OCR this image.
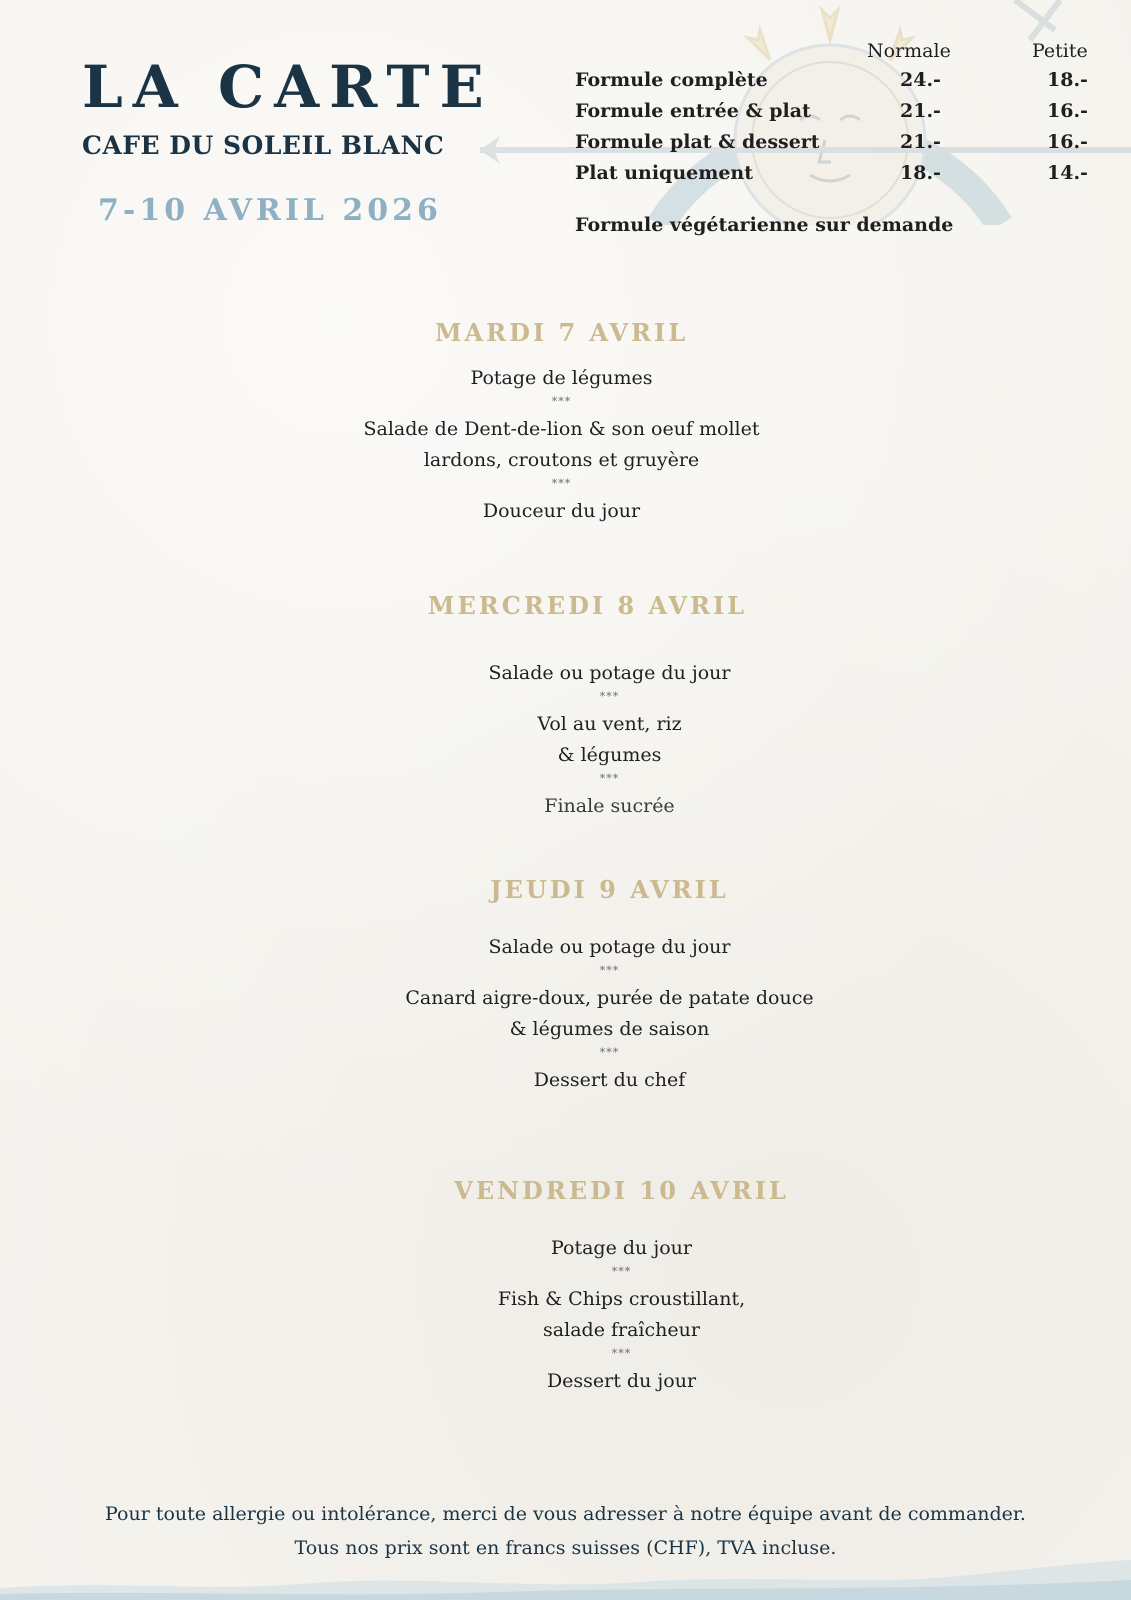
LA CARTE
CAFE DU SOLEIL BLANC
7-10 AVRIL 2026
Normale	Petite
Formule complète	24.-	18.-
Formule entrée & plat	21.-	16.-
Formule plat & dessert	21.-	16.-
Plat uniquement	18.-	14.-
Formule végétarienne sur demande
MARDI 7 AVRIL

Potage de légumes

***

Salade de Dent-de-lion & son oeuf mollet

lardons, croutons et gruyère

***

Douceur du jour

MERCREDI 8 AVRIL

Salade ou potage du jour

***

Vol au vent, riz

& légumes

***

Finale sucrée

JEUDI 9 AVRIL

Salade ou potage du jour

***

Canard aigre-doux, purée de patate douce

& légumes de saison

***

Dessert du chef

VENDREDI 10 AVRIL

Potage du jour

***

Fish & Chips croustillant,

salade fraîcheur

***

Dessert du jour

Pour toute allergie ou intolérance, merci de vous adresser à notre équipe avant de commander.

Tous nos prix sont en francs suisses (CHF), TVA incluse.
